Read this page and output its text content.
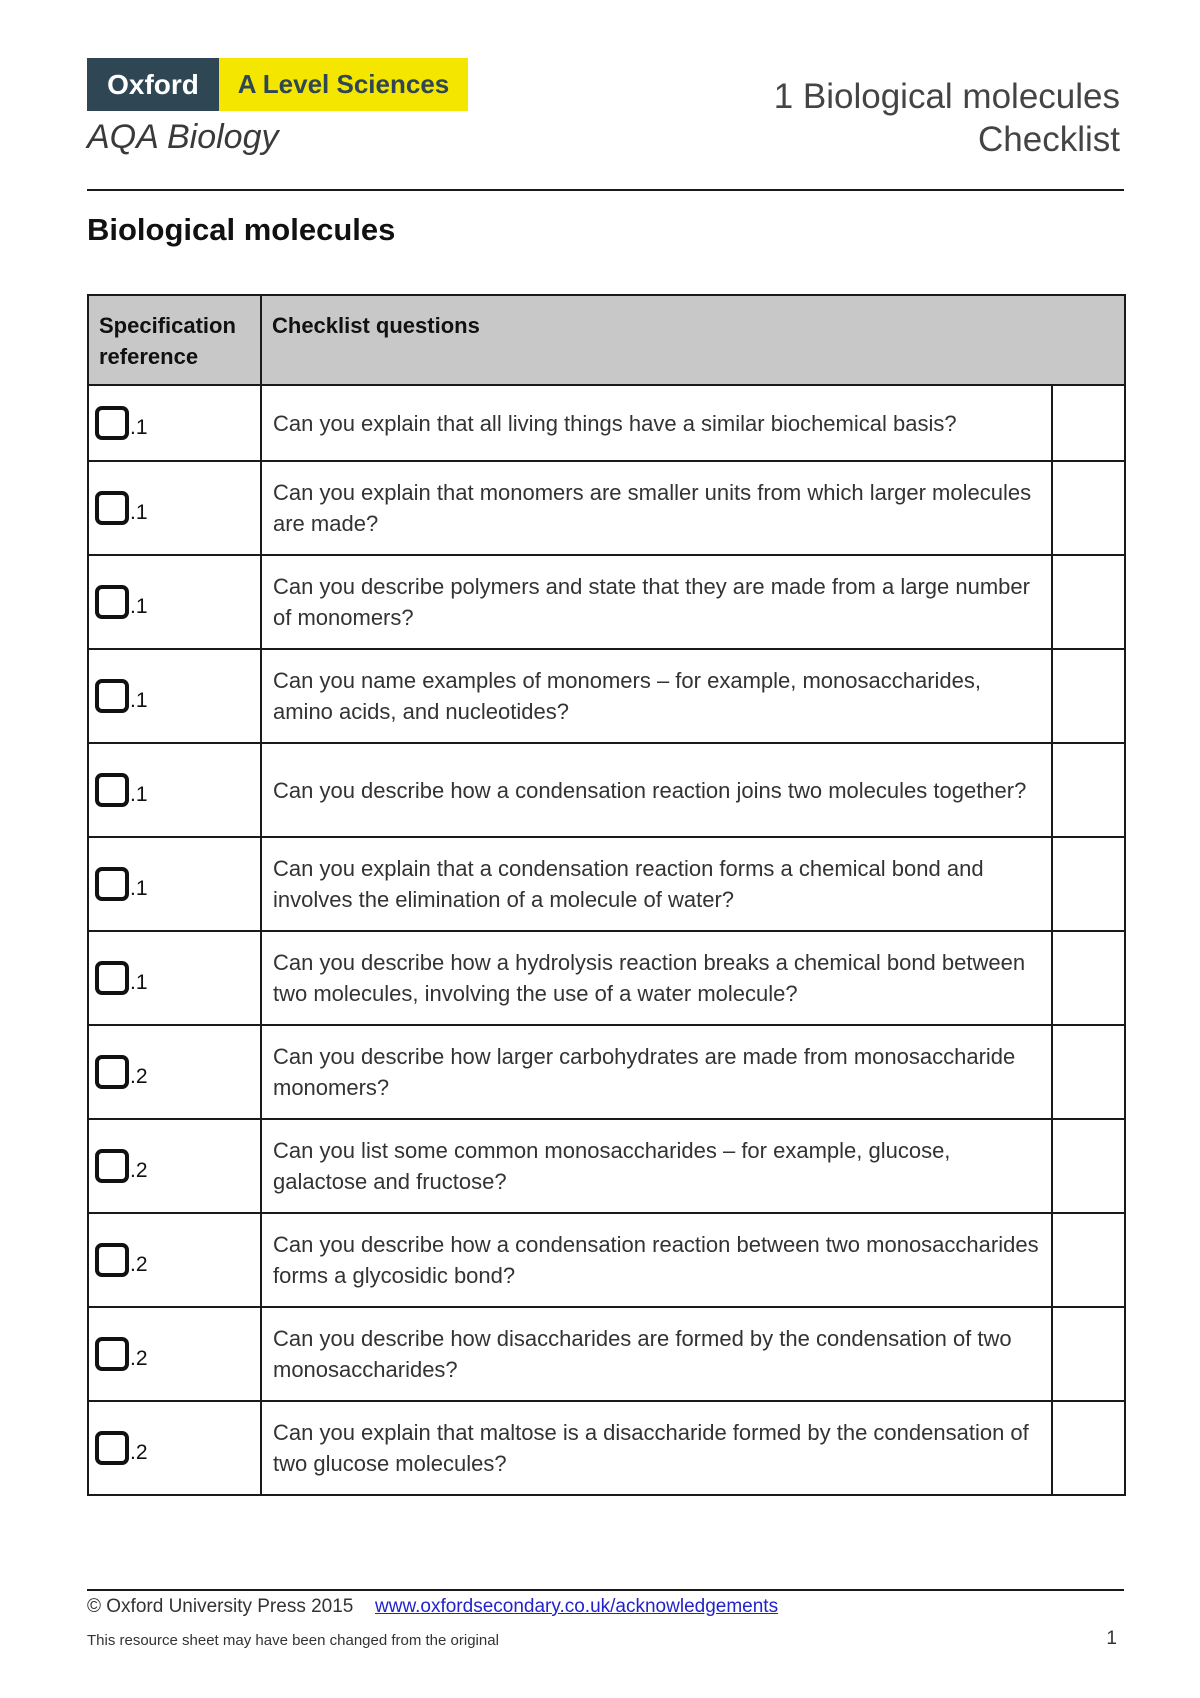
Oxford	A Level Sciences
AQA Biology
1 Biological molecules
Checklist
Biological molecules
Specification reference	Checklist questions	

.1	Can you explain that all living things have a similar biochemical basis?	

.1	Can you explain that monomers are smaller units from which larger molecules are made?	

.1	Can you describe polymers and state that they are made from a large number of monomers?	

.1	Can you name examples of monomers – for example, monosaccharides, amino acids, and nucleotides?	

.1	Can you describe how a condensation reaction joins two molecules together?	

.1	Can you explain that a condensation reaction forms a chemical bond and involves the elimination of a molecule of water?	

.1	Can you describe how a hydrolysis reaction breaks a chemical bond between two molecules, involving the use of a water molecule?	

.2	Can you describe how larger carbohydrates are made from monosaccharide monomers?	

.2	Can you list some common monosaccharides – for example, glucose, galactose and fructose?	

.2	Can you describe how a condensation reaction between two monosaccharides forms a glycosidic bond?	

.2	Can you describe how disaccharides are formed by the condensation of two monosaccharides?	

.2	Can you explain that maltose is a disaccharide formed by the condensation of two glucose molecules?	
© Oxford University Press 2015 www.oxfordsecondary.co.uk/acknowledgements
This resource sheet may have been changed from the original	1
